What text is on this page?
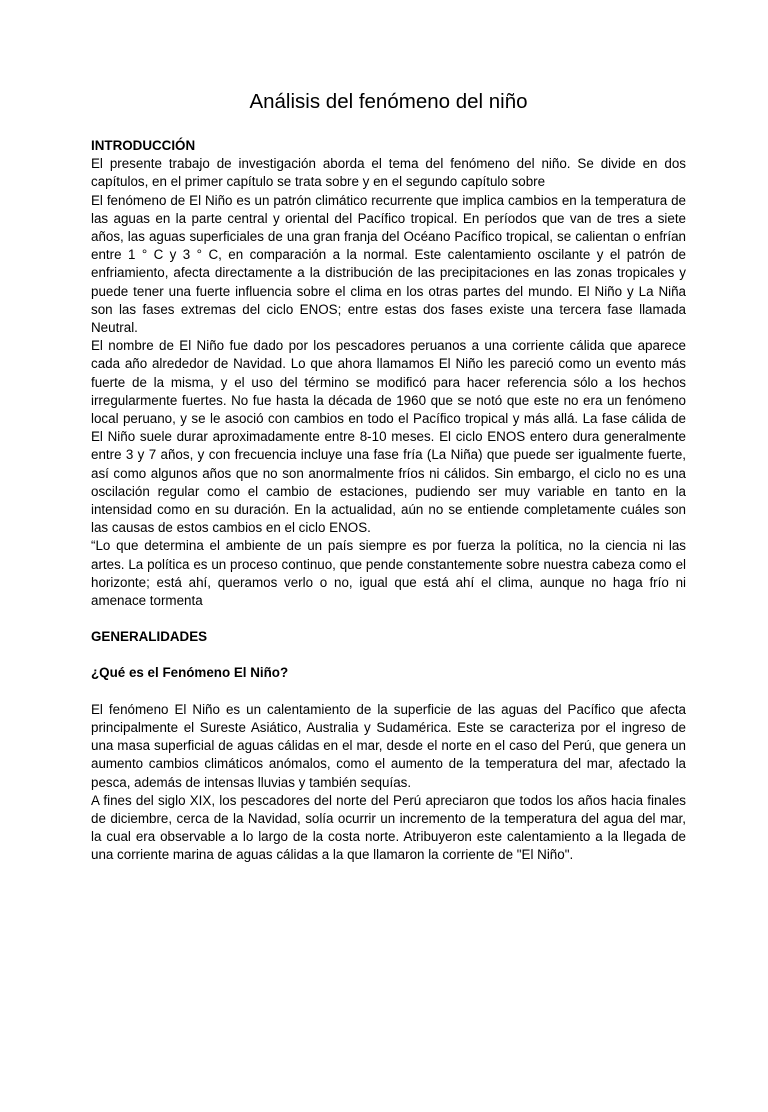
Análisis del fenómeno del niño

INTRODUCCIÓN

El presente trabajo de investigación aborda el tema del fenómeno del niño. Se divide en dos capítulos, en el primer capítulo se trata sobre y en el segundo capítulo sobre

El fenómeno de El Niño es un patrón climático recurrente que implica cambios en la temperatura de las aguas en la parte central y oriental del Pacífico tropical. En períodos que van de tres a siete años, las aguas superficiales de una gran franja del Océano Pacífico tropical, se calientan o enfrían entre 1 ° C y 3 ° C, en comparación a la normal. Este calentamiento oscilante y el patrón de enfriamiento, afecta directamente a la distribución de las precipitaciones en las zonas tropicales y puede tener una fuerte influencia sobre el clima en los otras partes del mundo. El Niño y La Niña son las fases extremas del ciclo ENOS; entre estas dos fases existe una tercera fase llamada Neutral.

El nombre de El Niño fue dado por los pescadores peruanos a una corriente cálida que aparece cada año alrededor de Navidad. Lo que ahora llamamos El Niño les pareció como un evento más fuerte de la misma, y el uso del término se modificó para hacer referencia sólo a los hechos irregularmente fuertes. No fue hasta la década de 1960 que se notó que este no era un fenómeno local peruano, y se le asoció con cambios en todo el Pacífico tropical y más allá. La fase cálida de El Niño suele durar aproximadamente entre 8-10 meses. El ciclo ENOS entero dura generalmente entre 3 y 7 años, y con frecuencia incluye una fase fría (La Niña) que puede ser igualmente fuerte, así como algunos años que no son anormalmente fríos ni cálidos. Sin embargo, el ciclo no es una oscilación regular como el cambio de estaciones, pudiendo ser muy variable en tanto en la intensidad como en su duración. En la actualidad, aún no se entiende completamente cuáles son las causas de estos cambios en el ciclo ENOS.

“Lo que determina el ambiente de un país siempre es por fuerza la política, no la ciencia ni las artes. La política es un proceso continuo, que pende constantemente sobre nuestra cabeza como el horizonte; está ahí, queramos verlo o no, igual que está ahí el clima, aunque no haga frío ni amenace tormenta

GENERALIDADES

¿Qué es el Fenómeno El Niño?

El fenómeno El Niño es un calentamiento de la superficie de las aguas del Pacífico que afecta principalmente el Sureste Asiático, Australia y Sudamérica. Este se caracteriza por el ingreso de una masa superficial de aguas cálidas en el mar, desde el norte en el caso del Perú, que genera un aumento cambios climáticos anómalos, como el aumento de la temperatura del mar, afectado la pesca, además de intensas lluvias y también sequías.

A fines del siglo XIX, los pescadores del norte del Perú apreciaron que todos los años hacia finales de diciembre, cerca de la Navidad, solía ocurrir un incremento de la temperatura del agua del mar, la cual era observable a lo largo de la costa norte. Atribuyeron este calentamiento a la llegada de una corriente marina de aguas cálidas a la que llamaron la corriente de "El Niño".
